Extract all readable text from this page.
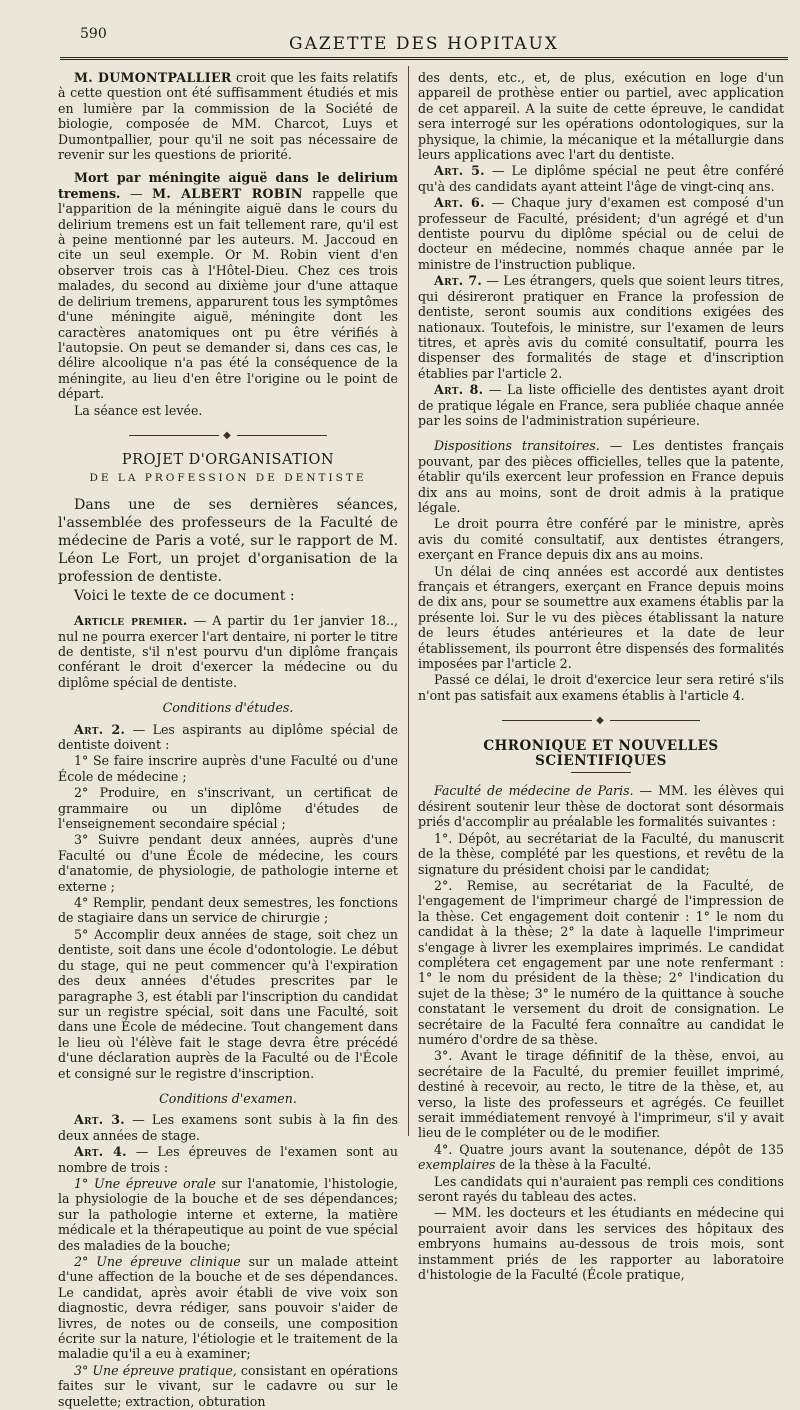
590	GAZETTE DES HOPITAUX

M. DUMONTPALLIER croit que les faits relatifs à cette question ont été suffisamment étudiés et mis en lumière par la commission de la Société de biologie, composée de MM. Charcot, Luys et Dumontpallier, pour qu'il ne soit pas nécessaire de revenir sur les questions de priorité.

Mort par méningite aiguë dans le delirium tremens. — M. ALBERT ROBIN rappelle que l'apparition de la méningite aiguë dans le cours du delirium tremens est un fait tellement rare, qu'il est à peine mentionné par les auteurs. M. Jaccoud en cite un seul exemple. Or M. Robin vient d'en observer trois cas à l'Hôtel-Dieu. Chez ces trois malades, du second au dixième jour d'une attaque de delirium tremens, apparurent tous les symptômes d'une méningite aiguë, méningite dont les caractères anatomiques ont pu être vérifiés à l'autopsie. On peut se demander si, dans ces cas, le délire alcoolique n'a pas été la conséquence de la méningite, au lieu d'en être l'origine ou le point de départ.

La séance est levée.

◆
PROJET D'ORGANISATION
DE LA PROFESSION DE DENTISTE

Dans une de ses dernières séances, l'assemblée des professeurs de la Faculté de médecine de Paris a voté, sur le rapport de M. Léon Le Fort, un projet d'organisation de la profession de dentiste.

Voici le texte de ce document :

Article premier. — A partir du 1er janvier 18.., nul ne pourra exercer l'art dentaire, ni porter le titre de dentiste, s'il n'est pourvu d'un diplôme français conférant le droit d'exercer la médecine ou du diplôme spécial de dentiste.

Conditions d'études.

Art. 2. — Les aspirants au diplôme spécial de dentiste doivent :

1° Se faire inscrire auprès d'une Faculté ou d'une École de médecine ;

2° Produire, en s'inscrivant, un certificat de grammaire ou un diplôme d'études de l'enseignement secondaire spécial ;

3° Suivre pendant deux années, auprès d'une Faculté ou d'une École de médecine, les cours d'anatomie, de physiologie, de pathologie interne et externe ;

4° Remplir, pendant deux semestres, les fonctions de stagiaire dans un service de chirurgie ;

5° Accomplir deux années de stage, soit chez un dentiste, soit dans une école d'odontologie. Le début du stage, qui ne peut commencer qu'à l'expiration des deux années d'études prescrites par le paragraphe 3, est établi par l'inscription du candidat sur un registre spécial, soit dans une Faculté, soit dans une École de médecine. Tout changement dans le lieu où l'élève fait le stage devra être précédé d'une déclaration auprès de la Faculté ou de l'École et consigné sur le registre d'inscription.

Conditions d'examen.

Art. 3. — Les examens sont subis à la fin des deux années de stage.

Art. 4. — Les épreuves de l'examen sont au nombre de trois :

1° Une épreuve orale sur l'anatomie, l'histologie, la physiologie de la bouche et de ses dépendances; sur la pathologie interne et externe, la matière médicale et la thérapeutique au point de vue spécial des maladies de la bouche;

2° Une épreuve clinique sur un malade atteint d'une affection de la bouche et de ses dépendances. Le candidat, après avoir établi de vive voix son diagnostic, devra rédiger, sans pouvoir s'aider de livres, de notes ou de conseils, une composition écrite sur la nature, l'étiologie et le traitement de la maladie qu'il a eu à examiner;

3° Une épreuve pratique, consistant en opérations faites sur le vivant, sur le cadavre ou sur le squelette; extraction, obturation

des dents, etc., et, de plus, exécution en loge d'un appareil de prothèse entier ou partiel, avec application de cet appareil. A la suite de cette épreuve, le candidat sera interrogé sur les opérations odontologiques, sur la physique, la chimie, la mécanique et la métallurgie dans leurs applications avec l'art du dentiste.

Art. 5. — Le diplôme spécial ne peut être conféré qu'à des candidats ayant atteint l'âge de vingt-cinq ans.

Art. 6. — Chaque jury d'examen est composé d'un professeur de Faculté, président; d'un agrégé et d'un dentiste pourvu du diplôme spécial ou de celui de docteur en médecine, nommés chaque année par le ministre de l'instruction publique.

Art. 7. — Les étrangers, quels que soient leurs titres, qui désireront pratiquer en France la profession de dentiste, seront soumis aux conditions exigées des nationaux. Toutefois, le ministre, sur l'examen de leurs titres, et après avis du comité consultatif, pourra les dispenser des formalités de stage et d'inscription établies par l'article 2.

Art. 8. — La liste officielle des dentistes ayant droit de pratique légale en France, sera publiée chaque année par les soins de l'administration supérieure.

Dispositions transitoires. — Les dentistes français pouvant, par des pièces officielles, telles que la patente, établir qu'ils exercent leur profession en France depuis dix ans au moins, sont de droit admis à la pratique légale.

Le droit pourra être conféré par le ministre, après avis du comité consultatif, aux dentistes étrangers, exerçant en France depuis dix ans au moins.

Un délai de cinq années est accordé aux dentistes français et étrangers, exerçant en France depuis moins de dix ans, pour se soumettre aux examens établis par la présente loi. Sur le vu des pièces établissant la nature de leurs études antérieures et la date de leur établissement, ils pourront être dispensés des formalités imposées par l'article 2.

Passé ce délai, le droit d'exercice leur sera retiré s'ils n'ont pas satisfait aux examens établis à l'article 4.

◆
CHRONIQUE ET NOUVELLES SCIENTIFIQUES

Faculté de médecine de Paris. — MM. les élèves qui désirent soutenir leur thèse de doctorat sont désormais priés d'accomplir au préalable les formalités suivantes :

1°. Dépôt, au secrétariat de la Faculté, du manuscrit de la thèse, complété par les questions, et revêtu de la signature du président choisi par le candidat;

2°. Remise, au secrétariat de la Faculté, de l'engagement de l'imprimeur chargé de l'impression de la thèse. Cet engagement doit contenir : 1° le nom du candidat à la thèse; 2° la date à laquelle l'imprimeur s'engage à livrer les exemplaires imprimés. Le candidat complétera cet engagement par une note renfermant : 1° le nom du président de la thèse; 2° l'indication du sujet de la thèse; 3° le numéro de la quittance à souche constatant le versement du droit de consignation. Le secrétaire de la Faculté fera connaître au candidat le numéro d'ordre de sa thèse.

3°. Avant le tirage définitif de la thèse, envoi, au secrétaire de la Faculté, du premier feuillet imprimé, destiné à recevoir, au recto, le titre de la thèse, et, au verso, la liste des professeurs et agrégés. Ce feuillet serait immédiatement renvoyé à l'imprimeur, s'il y avait lieu de le compléter ou de le modifier.

4°. Quatre jours avant la soutenance, dépôt de 135 exemplaires de la thèse à la Faculté.

Les candidats qui n'auraient pas rempli ces conditions seront rayés du tableau des actes.

— MM. les docteurs et les étudiants en médecine qui pourraient avoir dans les services des hôpitaux des embryons humains au-dessous de trois mois, sont instamment priés de les rapporter au laboratoire d'histologie de la Faculté (École pratique,
